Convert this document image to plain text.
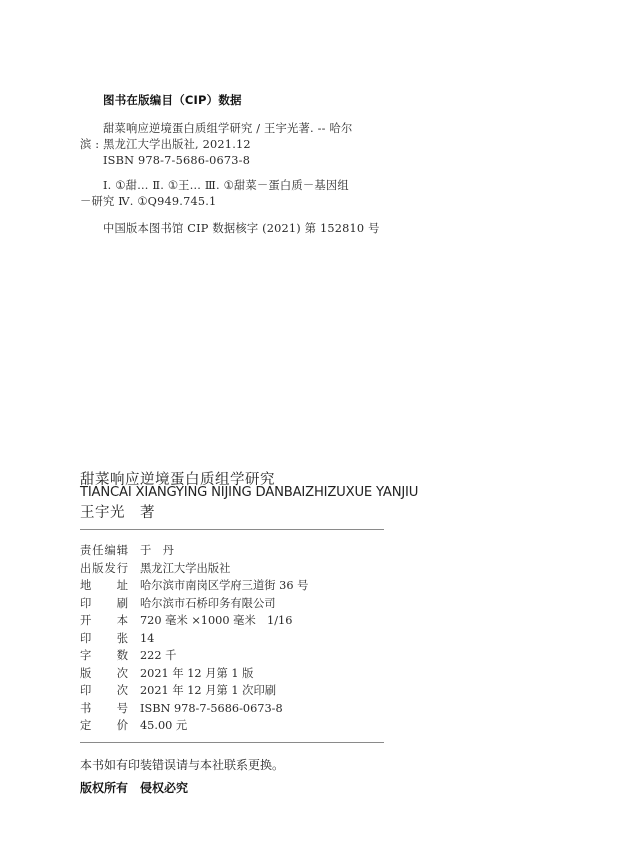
图书在版编目（CIP）数据
甜菜响应逆境蛋白质组学研究 / 王宇光著. -- 哈尔
滨 : 黑龙江大学出版社, 2021.12
ISBN 978-7-5686-0673-8
Ⅰ. ①甜… Ⅱ. ①王… Ⅲ. ①甜菜－蛋白质－基因组
－研究 Ⅳ. ①Q949.745.1
中国版本图书馆 CIP 数据核字 (2021) 第 152810 号
甜菜响应逆境蛋白质组学研究
TIANCAI XIANGYING NIJING DANBAIZHIZUXUE YANJIU
王宇光　著
责任编辑 于　丹
出版发行 黑龙江大学出版社
地址 哈尔滨市南岗区学府三道街 36 号
印刷 哈尔滨市石桥印务有限公司
开本 720 毫米 ×1000 毫米　1/16
印张 14
字数 222 千
版次 2021 年 12 月第 1 版
印次 2021 年 12 月第 1 次印刷
书号 ISBN 978-7-5686-0673-8
定价 45.00 元
本书如有印装错误请与本社联系更换。
版权所有　侵权必究
